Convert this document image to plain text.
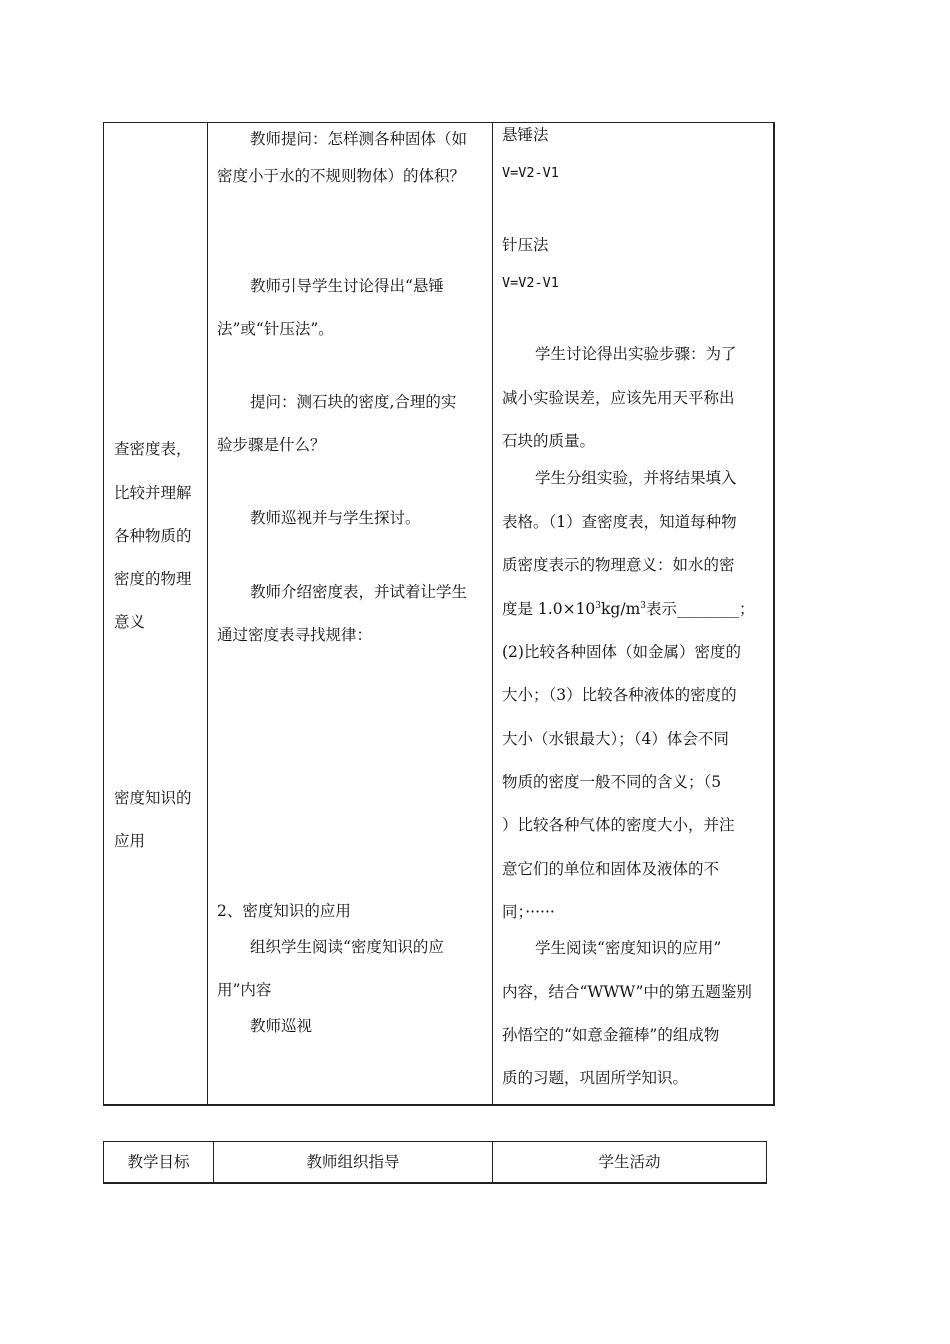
查密度表，
比较并理解
各种物质的
密度的物理
意义
密度知识的
应用
教师提问：怎样测各种固体（如
密度小于水的不规则物体）的体积？
教师引导学生讨论得出“悬锤
法”或“针压法”。
提问：测石块的密度,合理的实
验步骤是什么？
教师巡视并与学生探讨。
教师介绍密度表，并试着让学生
通过密度表寻找规律：
2、密度知识的应用
组织学生阅读“密度知识的应
用”内容
教师巡视
悬锤法
V=V2-V1
针压法
V=V2-V1
学生讨论得出实验步骤：为了
减小实验误差，应该先用天平称出
石块的质量。
学生分组实验，并将结果填入
表格。（1）查密度表，知道每种物
质密度表示的物理意义：如水的密
度是 $1.0\times 10^3kg/m^3$表示________；
(2)比较各种固体（如金属）密度的
大小；（3）比较各种液体的密度的
大小（水银最大）；（4）体会不同
物质的密度一般不同的含义；（5
）比较各种气体的密度大小，并注
意它们的单位和固体及液体的不
同；······
学生阅读“密度知识的应用”
内容，结合“WWW”中的第五题鉴别
孙悟空的“如意金箍棒”的组成物
质的习题，巩固所学知识。
教学目标	教师组织指导	学生活动
